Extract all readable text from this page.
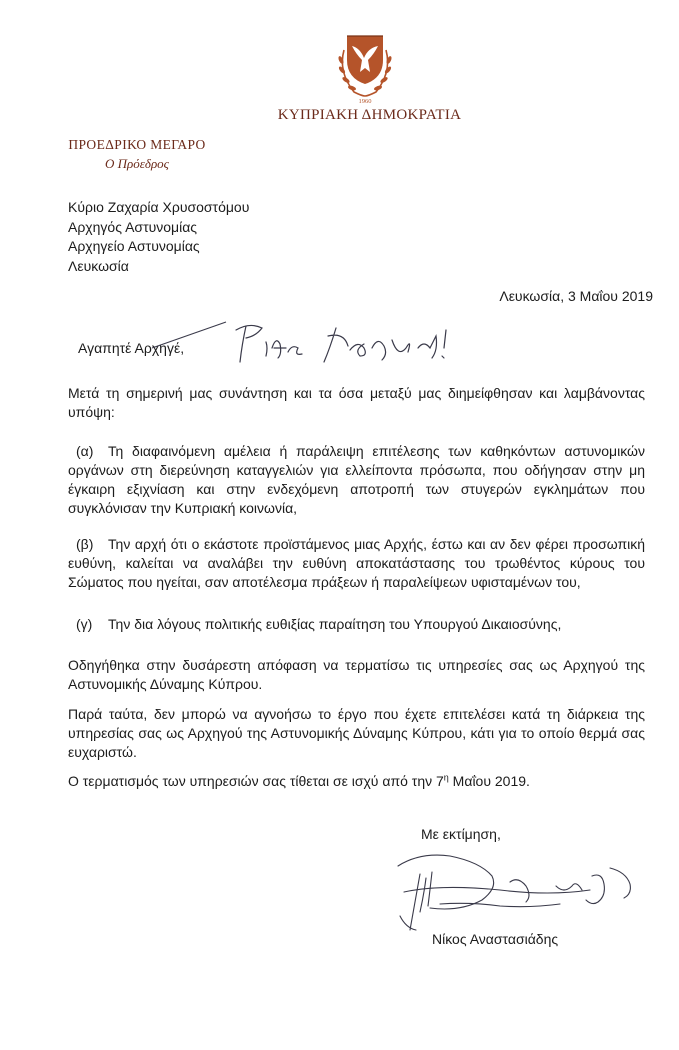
1960
ΚΥΠΡΙΑΚΗ ΔΗΜΟΚΡΑΤΙΑ
ΠΡΟΕΔΡΙΚΟ ΜΕΓΑΡΟ
Ο Πρόεδρος
Κύριο Ζαχαρία Χρυσοστόμου
Αρχηγός Αστυνομίας
Αρχηγείο Αστυνομίας
Λευκωσία
Λευκωσία, 3 Μαΐου 2019
Αγαπητέ Αρχηγέ,
Μετά τη σημερινή μας συνάντηση και τα όσα μεταξύ μας διημείφθησαν και λαμβάνοντας υπόψη:
(α)	Τη διαφαινόμενη αμέλεια ή παράλειψη επιτέλεσης των καθηκόντων αστυνομικών οργάνων στη διερεύνηση καταγγελιών για ελλείποντα πρόσωπα, που οδήγησαν στην μη έγκαιρη εξιχνίαση και στην ενδεχόμενη αποτροπή των στυγερών εγκλημάτων που συγκλόνισαν την Κυπριακή κοινωνία,
(β)	Την αρχή ότι ο εκάστοτε προϊστάμενος μιας Αρχής, έστω και αν δεν φέρει προσωπική ευθύνη, καλείται να αναλάβει την ευθύνη αποκατάστασης του τρωθέντος κύρους του Σώματος που ηγείται, σαν αποτέλεσμα πράξεων ή παραλείψεων υφισταμένων του,
(γ)	Την δια λόγους πολιτικής ευθιξίας παραίτηση του Υπουργού Δικαιοσύνης,
Οδηγήθηκα στην δυσάρεστη απόφαση να τερματίσω τις υπηρεσίες σας ως Αρχηγού της Αστυνομικής Δύναμης Κύπρου.
Παρά ταύτα, δεν μπορώ να αγνοήσω το έργο που έχετε επιτελέσει κατά τη διάρκεια της υπηρεσίας σας ως Αρχηγού της Αστυνομικής Δύναμης Κύπρου, κάτι για το οποίο θερμά σας ευχαριστώ.
Ο τερματισμός των υπηρεσιών σας τίθεται σε ισχύ από την $7^\eta$ Μαΐου 2019.
Με εκτίμηση,
Νίκος Αναστασιάδης
